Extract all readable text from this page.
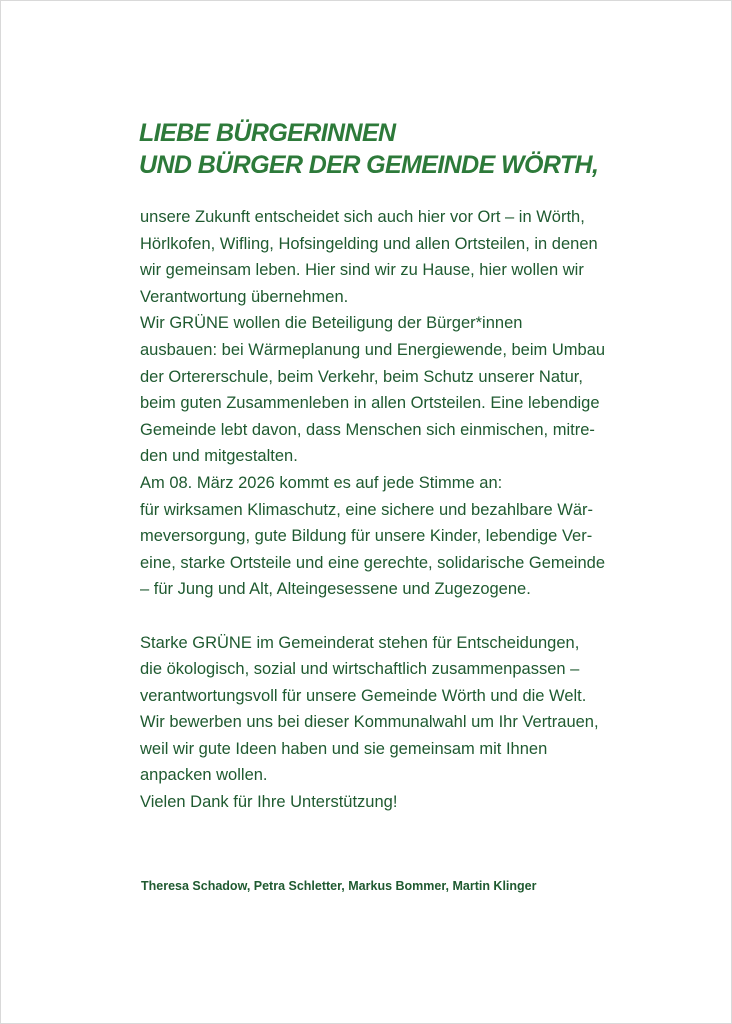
LIEBE BÜRGERINNEN
UND BÜRGER DER GEMEINDE WÖRTH,
unsere Zukunft entscheidet sich auch hier vor Ort – in Wörth,
Hörlkofen, Wifling, Hofsingelding und allen Ortsteilen, in denen
wir gemeinsam leben. Hier sind wir zu Hause, hier wollen wir
Verantwortung übernehmen.
Wir GRÜNE wollen die Beteiligung der Bürger*innen
ausbauen: bei Wärmeplanung und Energiewende, beim Umbau
der Ortererschule, beim Verkehr, beim Schutz unserer Natur,
beim guten Zusammenleben in allen Ortsteilen. Eine lebendige
Gemeinde lebt davon, dass Menschen sich einmischen, mitre-
den und mitgestalten.
Am 08. März 2026 kommt es auf jede Stimme an:
für wirksamen Klimaschutz, eine sichere und bezahlbare Wär-
meversorgung, gute Bildung für unsere Kinder, lebendige Ver-
eine, starke Ortsteile und eine gerechte, solidarische Gemeinde
– für Jung und Alt, Alteingesessene und Zugezogene.
Starke GRÜNE im Gemeinderat stehen für Entscheidungen,
die ökologisch, sozial und wirtschaftlich zusammenpassen –
verantwortungsvoll für unsere Gemeinde Wörth und die Welt.
Wir bewerben uns bei dieser Kommunalwahl um Ihr Vertrauen,
weil wir gute Ideen haben und sie gemeinsam mit Ihnen
anpacken wollen.
Vielen Dank für Ihre Unterstützung!
Theresa Schadow, Petra Schletter, Markus Bommer, Martin Klinger
